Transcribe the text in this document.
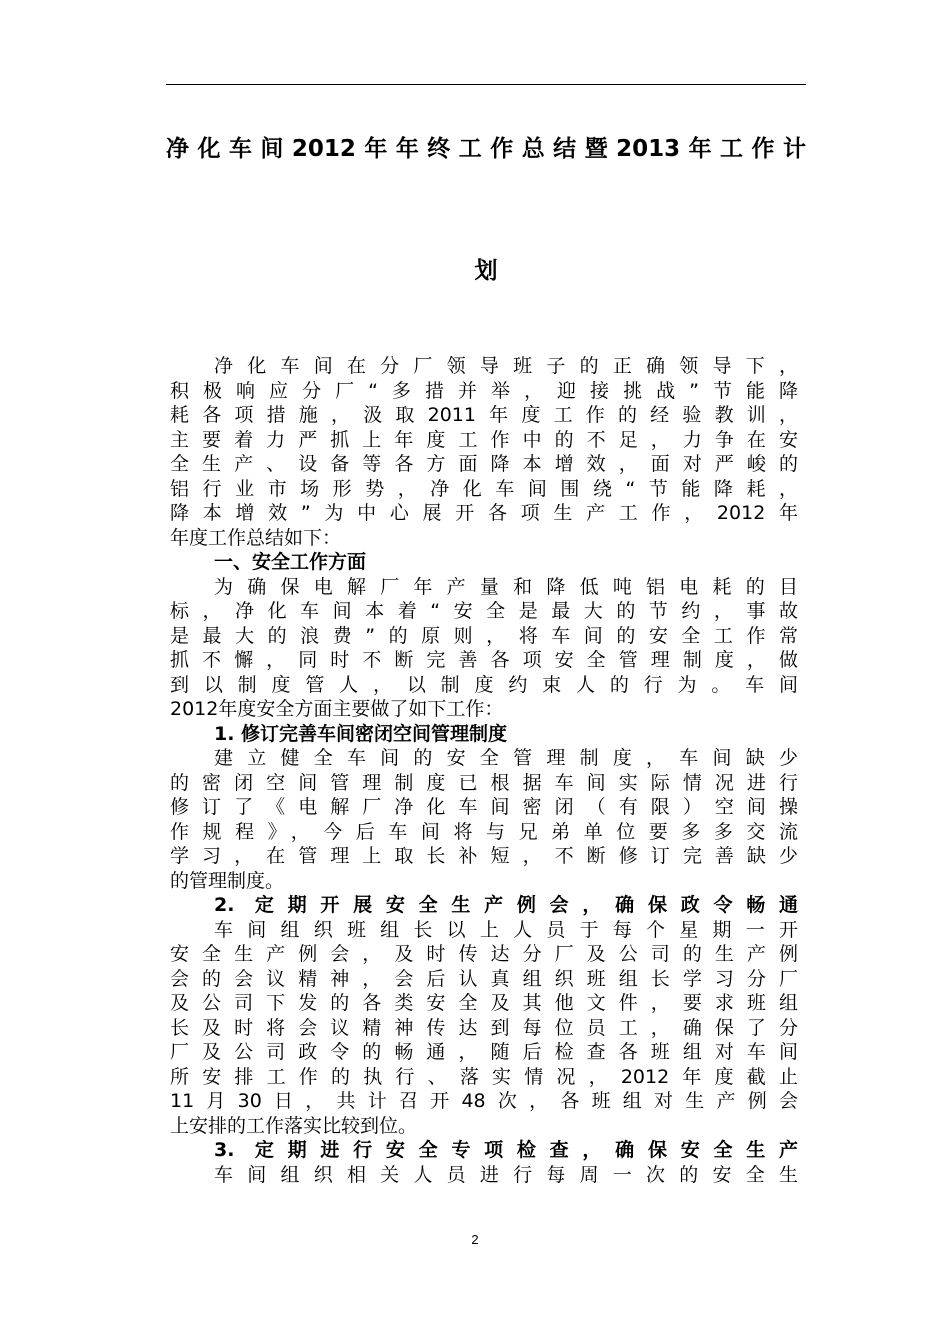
净化车间2012年年终工作总结暨2013年工作计
划
净化车间在分厂领导班子的正确领导下，
积极响应分厂“多措并举，迎接挑战”节能降
耗各项措施，汲取2011年度工作的经验教训，
主要着力严抓上年度工作中的不足，力争在安
全生产、设备等各方面降本增效，面对严峻的
铝行业市场形势，净化车间围绕“节能降耗，
降本增效”为中心展开各项生产工作，2012年
年度工作总结如下：
一、安全工作方面
为确保电解厂年产量和降低吨铝电耗的目
标，净化车间本着“安全是最大的节约，事故
是最大的浪费”的原则，将车间的安全工作常
抓不懈，同时不断完善各项安全管理制度，做
到以制度管人，以制度约束人的行为。车间
2012年度安全方面主要做了如下工作：
1. 修订完善车间密闭空间管理制度
建立健全车间的安全管理制度，车间缺少
的密闭空间管理制度已根据车间实际情况进行
修订了《电解厂净化车间密闭（有限）空间操
作规程》，今后车间将与兄弟单位要多多交流
学习，在管理上取长补短，不断修订完善缺少
的管理制度。
2. 定期开展安全生产例会，确保政令畅通
车间组织班组长以上人员于每个星期一开
安全生产例会，及时传达分厂及公司的生产例
会的会议精神，会后认真组织班组长学习分厂
及公司下发的各类安全及其他文件，要求班组
长及时将会议精神传达到每位员工，确保了分
厂及公司政令的畅通，随后检查各班组对车间
所安排工作的执行、落实情况，2012年度截止
11月30日，共计召开48次，各班组对生产例会
上安排的工作落实比较到位。
3. 定期进行安全专项检查，确保安全生产
车间组织相关人员进行每周一次的安全生
2
